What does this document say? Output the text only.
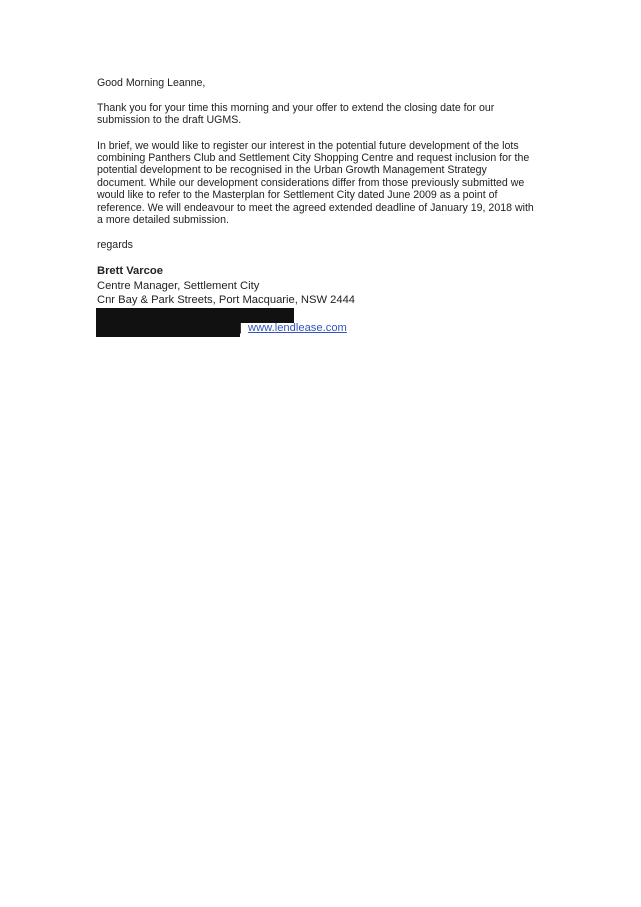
Good Morning Leanne,
Thank you for your time this morning and your offer to extend the closing date for our
submission to the draft UGMS.
In brief, we would like to register our interest in the potential future development of the lots
combining Panthers Club and Settlement City Shopping Centre and request inclusion for the
potential development to be recognised in the Urban Growth Management Strategy
document. While our development considerations differ from those previously submitted we
would like to refer to the Masterplan for Settlement City dated June 2009 as a point of
reference. We will endeavour to meet the agreed extended deadline of January 19, 2018 with
a more detailed submission.
regards
Brett Varcoe
Centre Manager, Settlement City
Cnr Bay & Park Streets, Port Macquarie, NSW 2444
| www.lendlease.com
